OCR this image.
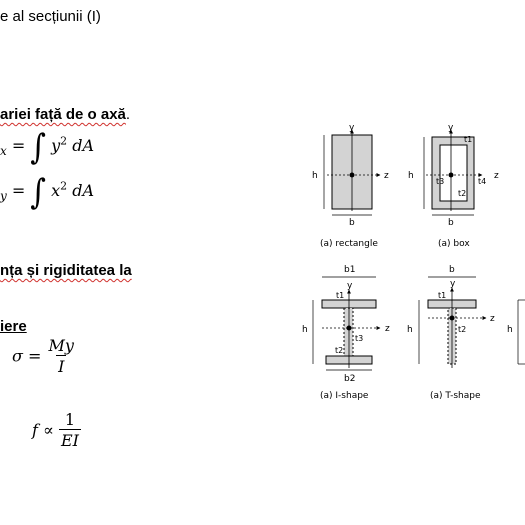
e al secțiunii (I)
ariei față de o axă.
$_x$ = ∫ $y^2$ dA
$_y$ = ∫ $x^2$ dA
nța și rigiditatea la
iere
$\sigma = \frac{My}{I}$
$f \propto \frac{1}{EI}$
y
z
h
b
(a) rectangle
y
z
h
b
t1
t2
t3	t4
(a) box
b1
y
t1
z
h
t3
t2
b2
(a) I-shape
b
y
t1
z
h	t2
(a) T-shape
h
